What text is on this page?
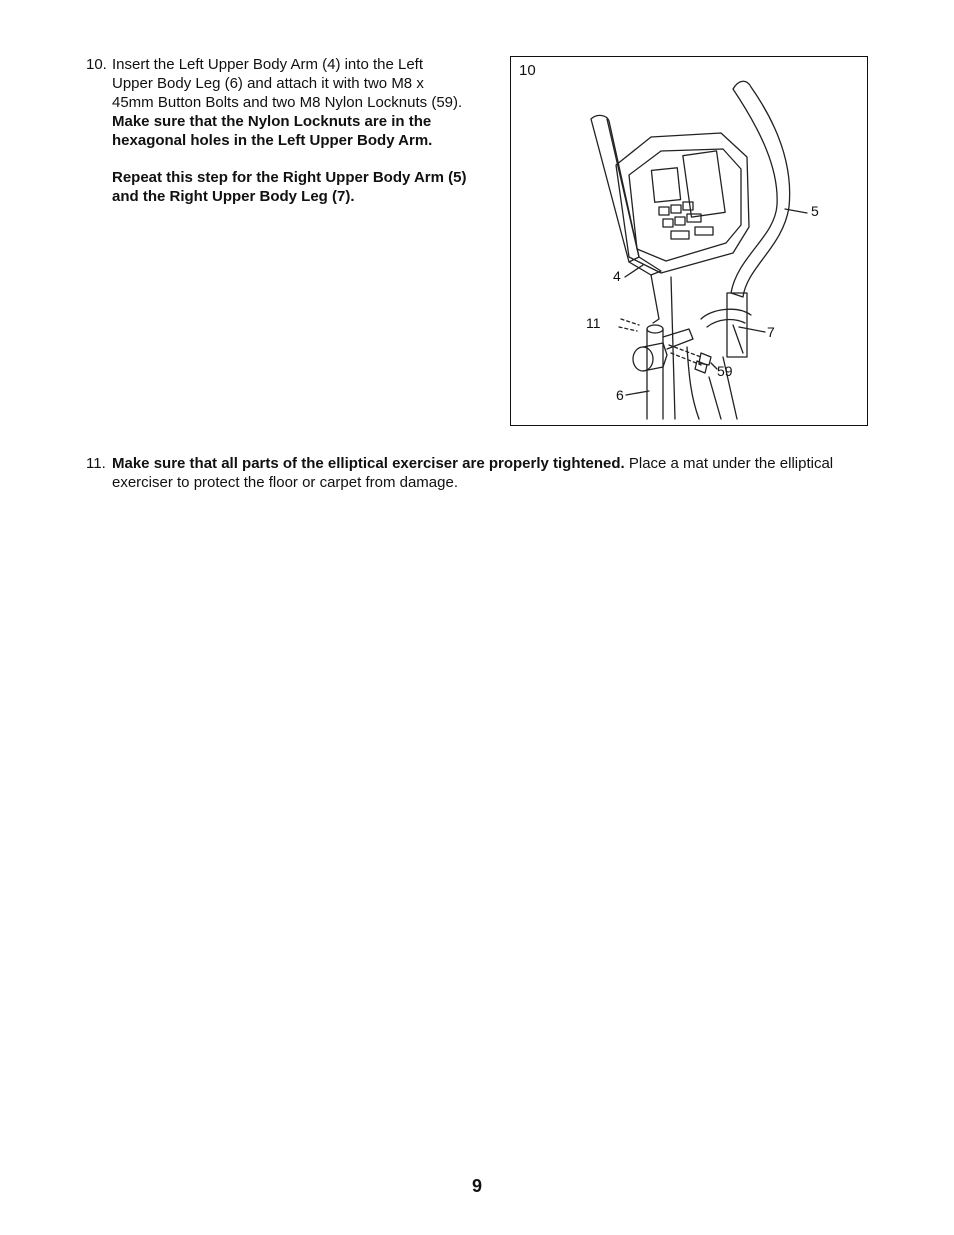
10. Insert the Left Upper Body Arm (4) into the Left

Upper Body Leg (6) and attach it with two M8 x

45mm Button Bolts and two M8 Nylon Locknuts (59).

Make sure that the Nylon Locknuts are in the

hexagonal holes in the Left Upper Body Arm.

Repeat this step for the Right Upper Body Arm (5)

and the Right Upper Body Leg (7).

10
4
5
6
7
11
59
11. Make sure that all parts of the elliptical exerciser are properly tightened. Place a mat under the elliptical
exerciser to protect the floor or carpet from damage.
9
